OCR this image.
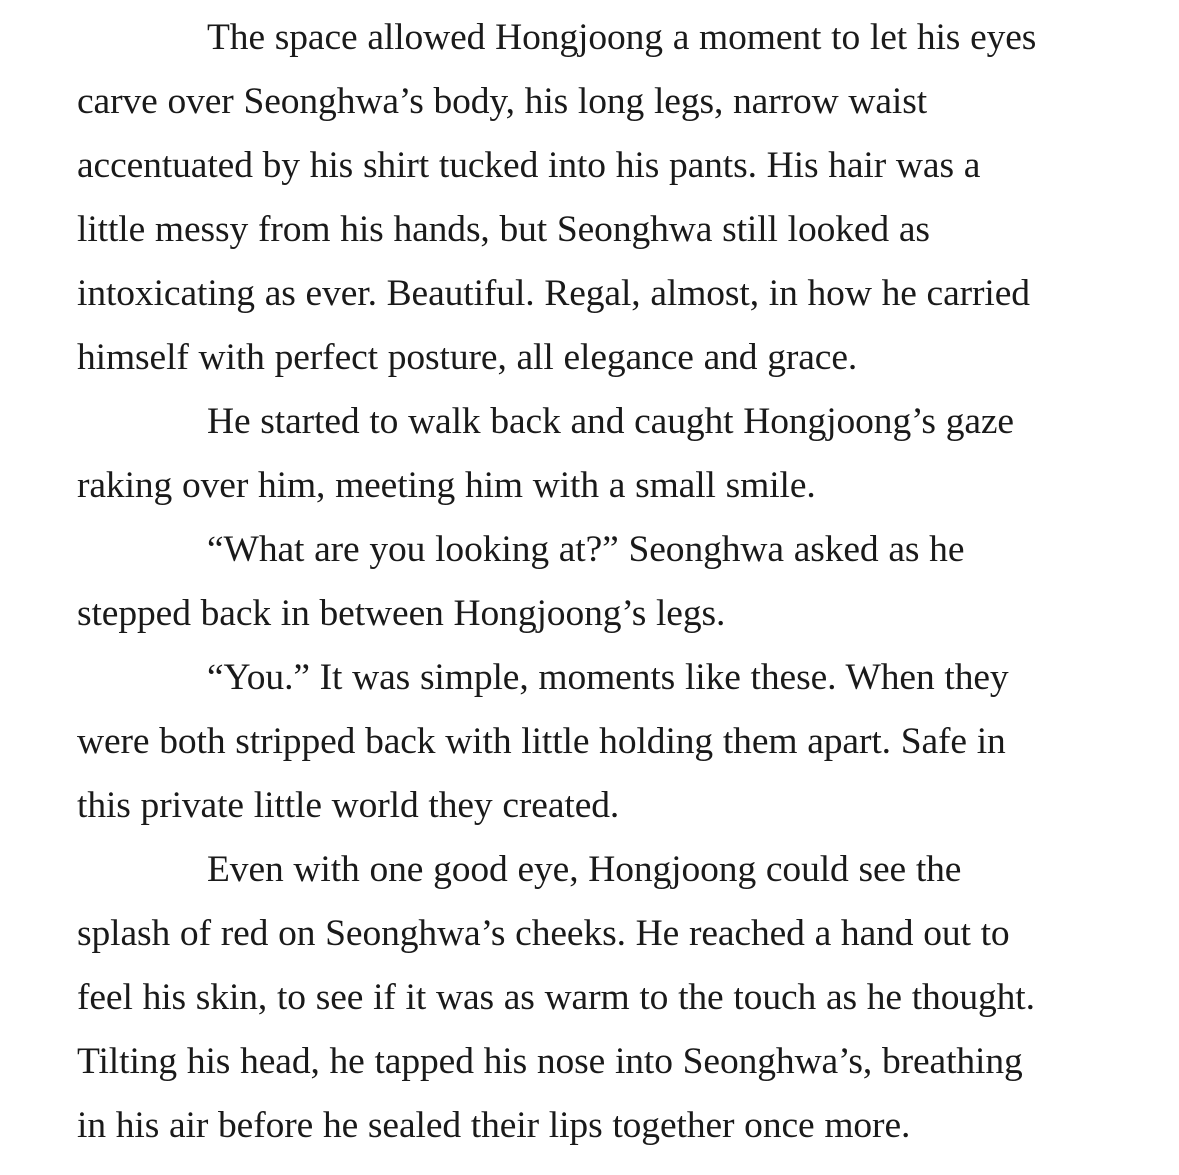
The space allowed Hongjoong a moment to let his eyes
carve over Seonghwa’s body, his long legs, narrow waist
accentuated by his shirt tucked into his pants. His hair was a
little messy from his hands, but Seonghwa still looked as
intoxicating as ever. Beautiful. Regal, almost, in how he carried
himself with perfect posture, all elegance and grace.
He started to walk back and caught Hongjoong’s gaze
raking over him, meeting him with a small smile.
“What are you looking at?” Seonghwa asked as he
stepped back in between Hongjoong’s legs.
“You.” It was simple, moments like these. When they
were both stripped back with little holding them apart. Safe in
this private little world they created.
Even with one good eye, Hongjoong could see the
splash of red on Seonghwa’s cheeks. He reached a hand out to
feel his skin, to see if it was as warm to the touch as he thought.
Tilting his head, he tapped his nose into Seonghwa’s, breathing
in his air before he sealed their lips together once more.
